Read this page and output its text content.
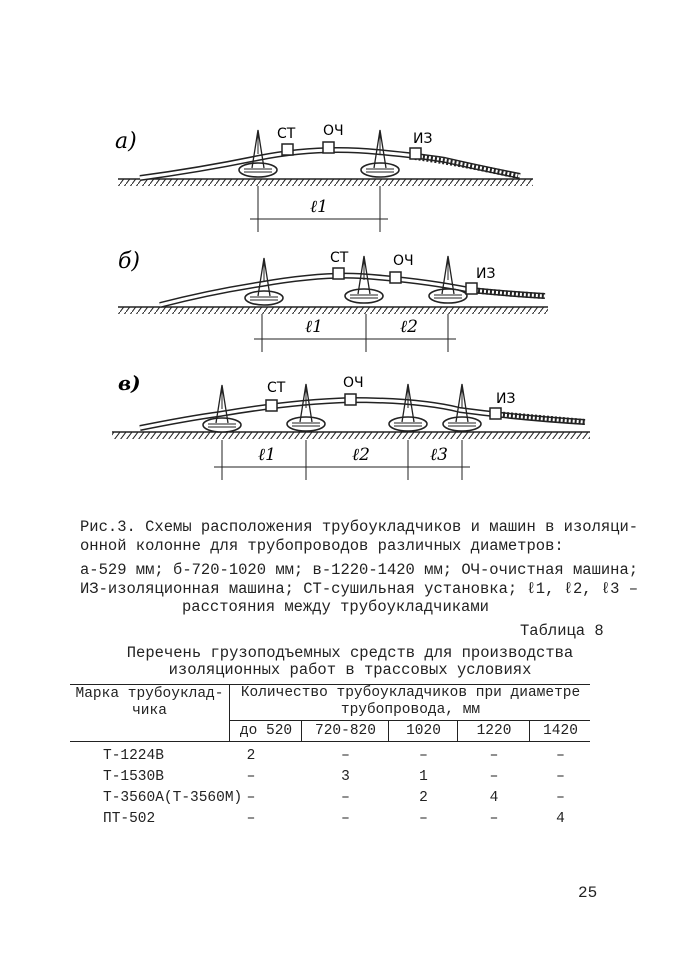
а)	СТ ОЧ	ИЗ
ℓ1
б)	СТ	ОЧ
ИЗ
ℓ1	ℓ2
в)	СТ	ОЧ
ИЗ
ℓ1	ℓ2	ℓ3
Рис.3. Схемы расположения трубоукладчиков и машин в изоляци-
онной колонне для трубопроводов различных диаметров:
а-529 мм; б-720-1020 мм; в-1220-1420 мм; ОЧ-очистная машина;
ИЗ-изоляционная машина; СТ-сушильная установка; ℓ1, ℓ2, ℓ3 –
расстояния между трубоукладчиками
Таблица 8
Перечень грузоподъемных средств для производства
изоляционных работ в трассовых условиях
Марка трубоуклад-
чика
Количество трубоукладчиков при диаметре
трубопровода, мм
до 520	720-820	1020	1220	1420
Т-1224В	2	–	–	–	–
Т-1530В	–	3	1	–	–
Т-3560А(Т-3560М) –	–	2	4	–
ПТ-502	–	–	–	–	4
25
